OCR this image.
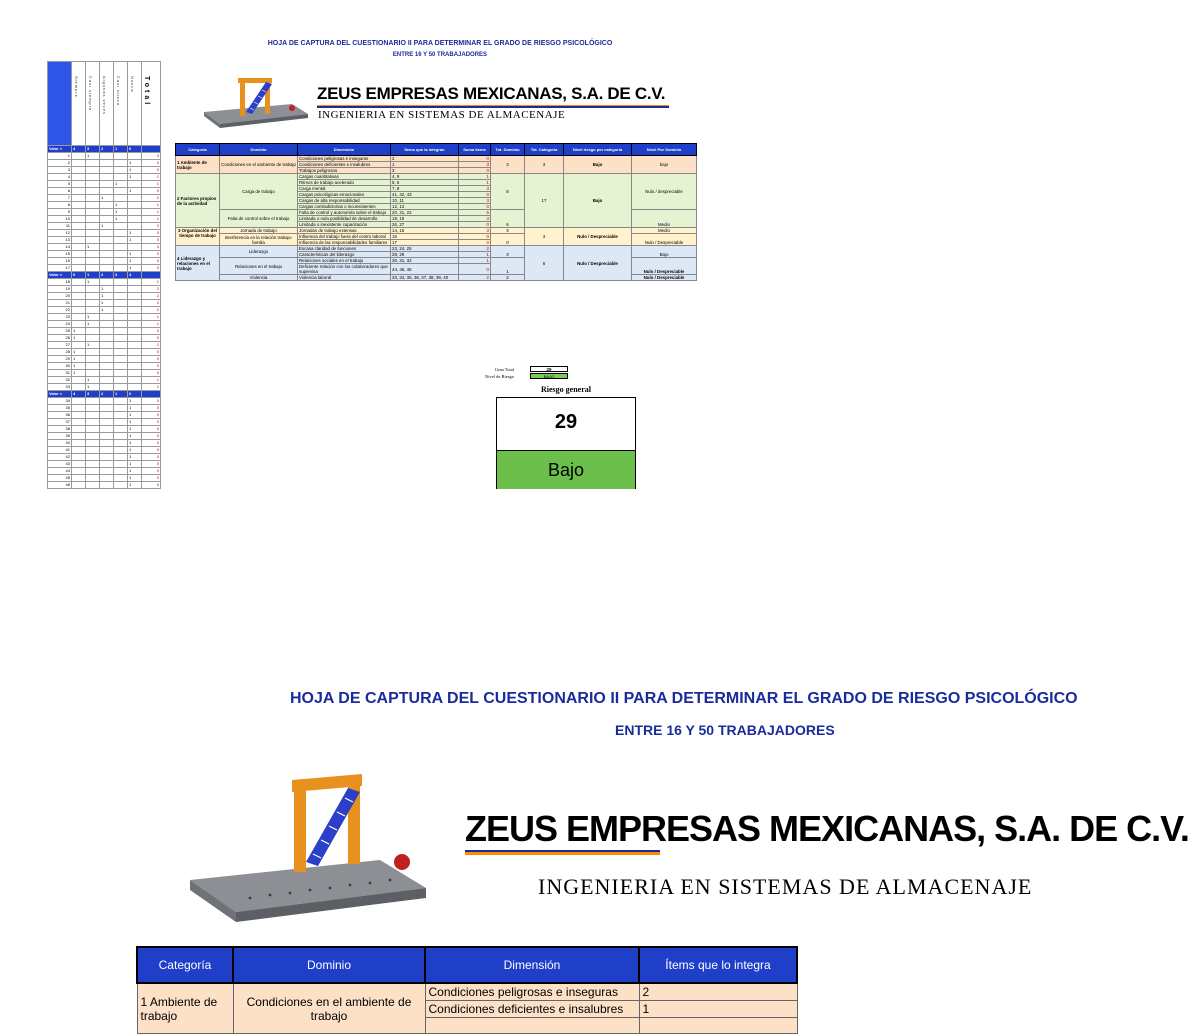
HOJA DE CAPTURA DEL CUESTIONARIO II PARA DETERMINAR EL GRADO DE RIESGO PSICOLÓGICO
ENTRE 16 Y 50 TRABAJADORES
ZEUS EMPRESAS MEXICANAS, S.A. DE C.V.
INGENIERIA EN SISTEMAS DE ALMACENAJE

	Siempre	Casi siempre	Algunas veces	Casi nunca	Nunca	Total

Valor >	4	3	2	1	0	
1		1				3
2					1	0
3					1	0
4					1	1
5				1		1
6					1	0
7			1			2
8				1		1
9				1		1
10				1		1
11			1			2
12					1	0
13					1	0
14		1				3
15					1	0
16					1	0
17					1	0
Valor >	0	1	2	3	4	
18		1				1
19			1			2
20			1			2
21			1			2
22			1			2
23		1				1
24		1				1
25	1					0
26	1					0
27		1				1
28	1					0
29	1					0
30	1					0
31	1					0
32		1				1
33		1				1
Valor >	4	3	2	1	0	
34					1	0
35					1	0
36					1	0
37					1	0
38					1	0
39					1	0
40					1	0
41					1	0
42					1	0
43					1	0
44					1	0
45					1	0
46					1	0
Categoría	Dominio	Dimensión	Ítems que la integran	Suma ítems	Tot. Dominio	Tot. Categoría	Nivel riesgo por categoría	Nivel Por Dominio
1 Ambiente de trabajo	Condiciones en el ambiente de trabajo	Condiciones peligrosas e inseguras	2	0	3	3	Bajo	bajo
		Condiciones deficientes e insalubres	1	3				
		Trabajos peligrosos	3	0				
2 Factores propios de la actividad	Carga de trabajo	Cargas cuantitativas	4, 9	1	8	17	Bajo	Nulo / despreciable
		Ritmos de trabajo acelerado	5, 6	1				
		Carga mental	7, 8	3				
		Cargas psicológicas emocionales	41, 42, 43	0				
		Cargas de alta responsabilidad	10, 11	3				
		Cargas contradictorias o inconsistentes	12, 13	0				
	Falta de control sobre el trabajo	Falta de control y autonomía sobre el trabajo	20, 21, 22	6	6			Medio
		Limitada o nula posibilidad de desarrollo	18, 19	3				
		Limitada o inexistente capacitación	26, 27	0				
3 Organización del tiempo de trabajo	Jornada de trabajo	Jornadas de trabajo extensas	14, 15	3	3	3	Nulo / Despreciable	Medio
	Interferencia en la relación trabajo-familia	Influencia del trabajo fuera del centro laboral	16	0	0			Nulo / Despreciable
		Influencia de las responsabilidades familiares	17	0				
4 Liderazgo y relaciones en el trabajo	Liderazgo	Escasa claridad de funciones	23, 24, 25	2	3	6	Nulo / Despreciable	Bajo
		Características del liderazgo	28, 29	1				
	Relaciones en el trabajo	Relaciones sociales en el trabajo	30, 31, 32	1	1			Nulo / Despreciable
		Deficiente relación con los colaboradores que supervisa	44, 45, 46	0				
	Violencia	Violencia laboral	33, 34, 35, 36, 37, 38, 39, 40	2	2			Nulo / Despreciable
Gran Total
Nivel de Riesgo
29
BAJO
Riesgo general
29
Bajo
HOJA DE CAPTURA DEL CUESTIONARIO II PARA DETERMINAR EL GRADO DE RIESGO PSICOLÓGICO
ENTRE 16 Y 50 TRABAJADORES
ZEUS EMPRESAS MEXICANAS, S.A. DE C.V.
INGENIERIA EN SISTEMAS DE ALMACENAJE
Categoría	Dominio	Dimensión	Ítems que lo integra
1 Ambiente de trabajo	Condiciones en el ambiente de trabajo	Condiciones peligrosas e inseguras	2
		Condiciones deficientes e insalubres	1
